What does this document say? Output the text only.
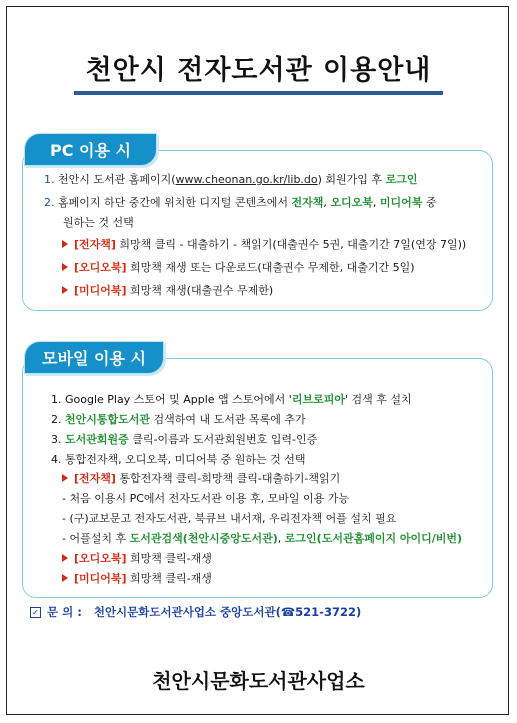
천안시 전자도서관 이용안내
PC 이용 시
1. 천안시 도서관 홈페이지(www.cheonan.go.kr/lib.do) 회원가입 후 로그인
2. 홈페이지 하단 중간에 위치한 디지털 콘텐츠에서 전자책, 오디오북, 미디어북 중
원하는 것 선택
[전자책] 희망책 클릭 - 대출하기 - 책읽기(대출권수 5권, 대출기간 7일(연장 7일))
[오디오북] 희망책 재생 또는 다운로드(대출권수 무제한, 대출기간 5일)
[미디어북] 희망책 재생(대출권수 무제한)
모바일 이용 시
1. Google Play 스토어 및 Apple 앱 스토어에서 '리브로피아' 검색 후 설치
2. 천안시통합도서관 검색하여 내 도서관 목록에 추가
3. 도서관회원증 클릭-이름과 도서관회원번호 입력-인증
4. 통합전자책, 오디오북, 미디어북 중 원하는 것 선택
[전자책] 통합전자책 클릭-희망책 클릭-대출하기-책읽기
- 처음 이용시 PC에서 전자도서관 이용 후, 모바일 이용 가능
- (구)교보문고 전자도서관, 북큐브 내서재, 우리전자책 어플 설치 필요
- 어플설치 후 도서관검색(천안시중앙도서관), 로그인(도서관홈페이지 아이디/비번)
[오디오북] 희망책 클릭-재생
[미디어북] 희망책 클릭-재생
✓ 문 의 : 천안시문화도서관사업소 중앙도서관(☎521-3722)
천안시문화도서관사업소
